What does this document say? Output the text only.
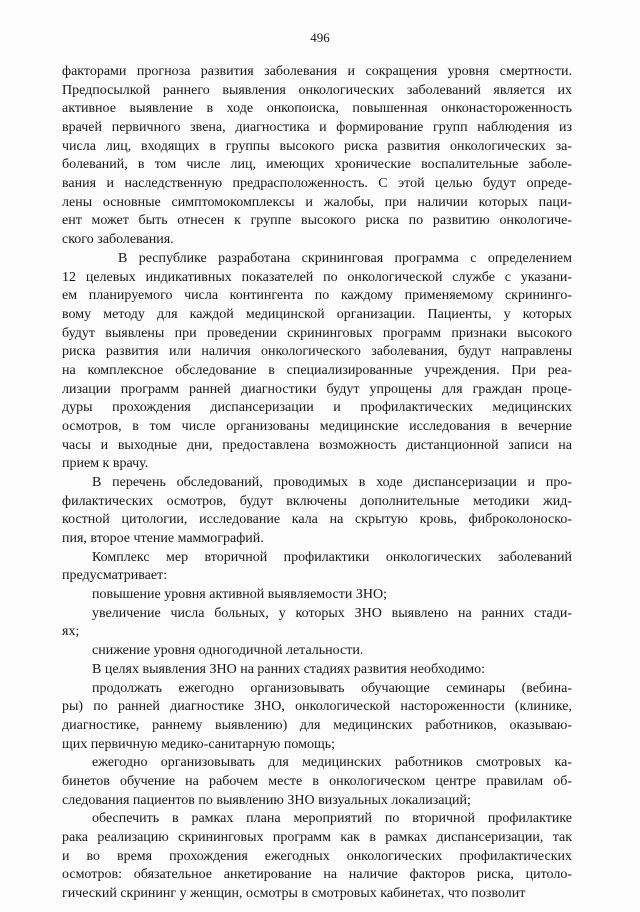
496
факторами прогноза развития заболевания и сокращения уровня смертности.
Предпосылкой раннего выявления онкологических заболеваний является их
активное выявление в ходе онкопоиска, повышенная онконастороженность
врачей первичного звена, диагностика и формирование групп наблюдения из
числа лиц, входящих в группы высокого риска развития онкологических за-
болеваний, в том числе лиц, имеющих хронические воспалительные заболе-
вания и наследственную предрасположенность. С этой целью будут опреде-
лены основные симптомокомплексы и жалобы, при наличии которых паци-
ент может быть отнесен к группе высокого риска по развитию онкологиче-
ского заболевания.
В республике разработана скрининговая программа с определением
12 целевых индикативных показателей по онкологической службе с указани-
ем планируемого числа контингента по каждому применяемому скрининго-
вому методу для каждой медицинской организации. Пациенты, у которых
будут выявлены при проведении скрининговых программ признаки высокого
риска развития или наличия онкологического заболевания, будут направлены
на комплексное обследование в специализированные учреждения. При реа-
лизации программ ранней диагностики будут упрощены для граждан проце-
дуры прохождения диспансеризации и профилактических медицинских
осмотров, в том числе организованы медицинские исследования в вечерние
часы и выходные дни, предоставлена возможность дистанционной записи на
прием к врачу.
В перечень обследований, проводимых в ходе диспансеризации и про-
филактических осмотров, будут включены дополнительные методики жид-
костной цитологии, исследование кала на скрытую кровь, фиброколоноско-
пия, второе чтение маммографий.
Комплекс мер вторичной профилактики онкологических заболеваний
предусматривает:
повышение уровня активной выявляемости ЗНО;
увеличение числа больных, у которых ЗНО выявлено на ранних стади-
ях;
снижение уровня одногодичной летальности.
В целях выявления ЗНО на ранних стадиях развития необходимо:
продолжать ежегодно организовывать обучающие семинары (вебина-
ры) по ранней диагностике ЗНО, онкологической настороженности (клинике,
диагностике, раннему выявлению) для медицинских работников, оказываю-
щих первичную медико-санитарную помощь;
ежегодно организовывать для медицинских работников смотровых ка-
бинетов обучение на рабочем месте в онкологическом центре правилам об-
следования пациентов по выявлению ЗНО визуальных локализаций;
обеспечить в рамках плана мероприятий по вторичной профилактике
рака реализацию скрининговых программ как в рамках диспансеризации, так
и во время прохождения ежегодных онкологических профилактических
осмотров: обязательное анкетирование на наличие факторов риска, цитоло-
гический скрининг у женщин, осмотры в смотровых кабинетах, что позволит
